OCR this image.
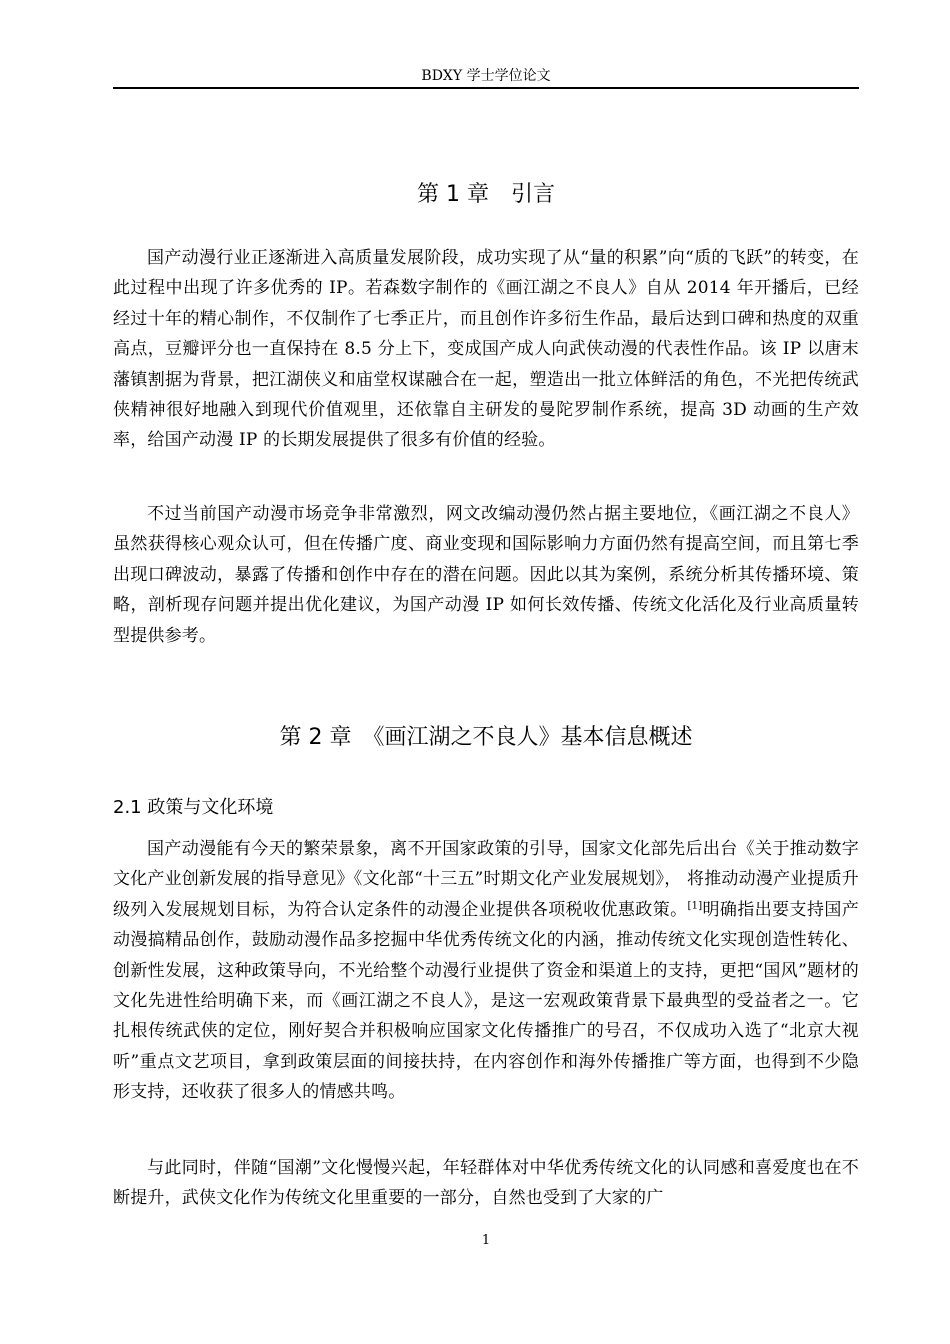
BDXY 学士学位论文
第 1 章　引言

国产动漫行业正逐渐进入高质量发展阶段，成功实现了从“量的积累”向“质的飞跃”的转变，在此过程中出现了许多优秀的 IP。若森数字制作的《画江湖之不良人》自从 2014 年开播后，已经经过十年的精心制作，不仅制作了七季正片，而且创作许多衍生作品，最后达到口碑和热度的双重高点，豆瓣评分也一直保持在 8.5 分上下，变成国产成人向武侠动漫的代表性作品。该 IP 以唐末藩镇割据为背景，把江湖侠义和庙堂权谋融合在一起，塑造出一批立体鲜活的角色，不光把传统武侠精神很好地融入到现代价值观里，还依靠自主研发的曼陀罗制作系统，提高 3D 动画的生产效率，给国产动漫 IP 的长期发展提供了很多有价值的经验。

不过当前国产动漫市场竞争非常激烈，网文改编动漫仍然占据主要地位，《画江湖之不良人》虽然获得核心观众认可，但在传播广度、商业变现和国际影响力方面仍然有提高空间，而且第七季出现口碑波动，暴露了传播和创作中存在的潜在问题。因此以其为案例，系统分析其传播环境、策略，剖析现存问题并提出优化建议，为国产动漫 IP 如何长效传播、传统文化活化及行业高质量转型提供参考。

第 2 章　《画江湖之不良人》基本信息概述
2.1 政策与文化环境

国产动漫能有今天的繁荣景象，离不开国家政策的引导，国家文化部先后出台《关于推动数字文化产业创新发展的指导意见》《文化部“十三五”时期文化产业发展规划》， 将推动动漫产业提质升级列入发展规划目标，为符合认定条件的动漫企业提供各项税收优惠政策。[1]明确指出要支持国产动漫搞精品创作，鼓励动漫作品多挖掘中华优秀传统文化的内涵，推动传统文化实现创造性转化、创新性发展，这种政策导向，不光给整个动漫行业提供了资金和渠道上的支持，更把“国风”题材的文化先进性给明确下来，而《画江湖之不良人》，是这一宏观政策背景下最典型的受益者之一。它扎根传统武侠的定位，刚好契合并积极响应国家文化传播推广的号召，不仅成功入选了“北京大视听”重点文艺项目，拿到政策层面的间接扶持，在内容创作和海外传播推广等方面，也得到不少隐形支持，还收获了很多人的情感共鸣。

与此同时，伴随“国潮”文化慢慢兴起，年轻群体对中华优秀传统文化的认同感和喜爱度也在不断提升，武侠文化作为传统文化里重要的一部分，自然也受到了大家的广

1
